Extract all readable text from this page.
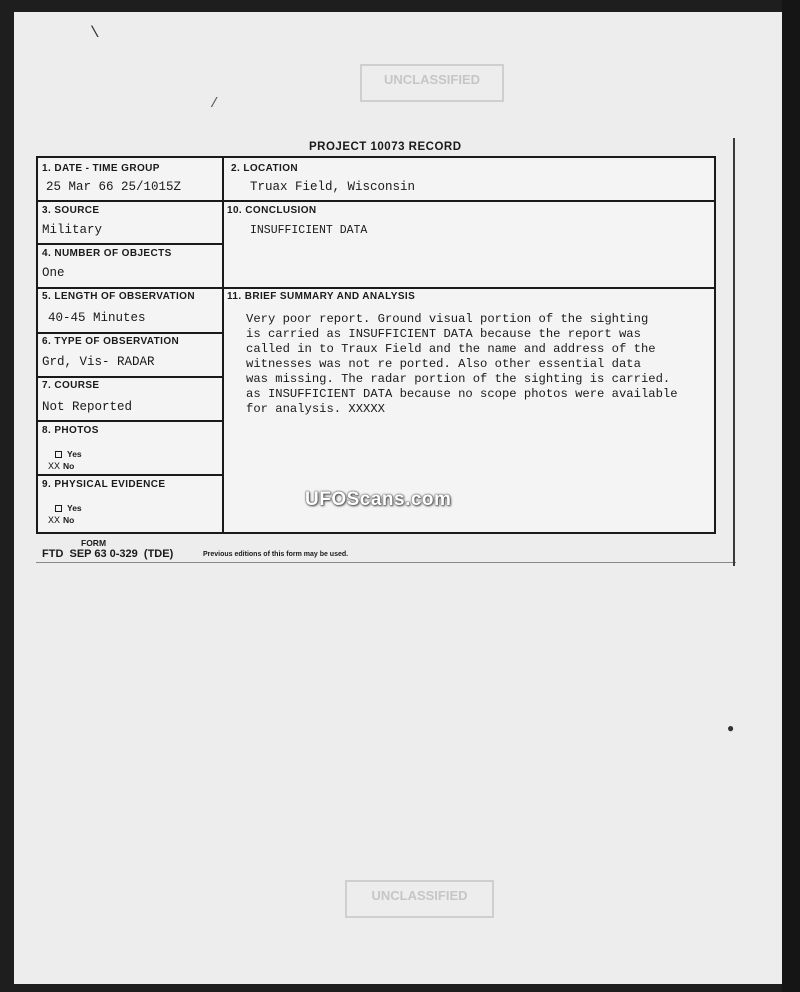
UNCLASSIFIED
UNCLASSIFIED
\
/
●
PROJECT 10073 RECORD
1. DATE - TIME GROUP
25 Mar 66 25/1015Z
3. SOURCE
Military
4. NUMBER OF OBJECTS
One
5. LENGTH OF OBSERVATION
40-45 Minutes
6. TYPE OF OBSERVATION
Grd, Vis- RADAR
7. COURSE
Not Reported
8. PHOTOS
Yes
XX No
9. PHYSICAL EVIDENCE
Yes
XX No
2. LOCATION
Truax Field, Wisconsin
10. CONCLUSION
INSUFFICIENT DATA
11. BRIEF SUMMARY AND ANALYSIS

Very poor report. Ground visual portion of the sighting
is carried as INSUFFICIENT DATA because the report was
called in to Traux Field and the name and address of the
witnesses was not re ported. Also other essential data
was missing. The radar portion of the sighting is carried.
as INSUFFICIENT DATA because no scope photos were available
for analysis. XXXXX

FORM
FTD  SEP 63 0-329  (TDE)	Previous editions of this form may be used.
UFOScans.com
